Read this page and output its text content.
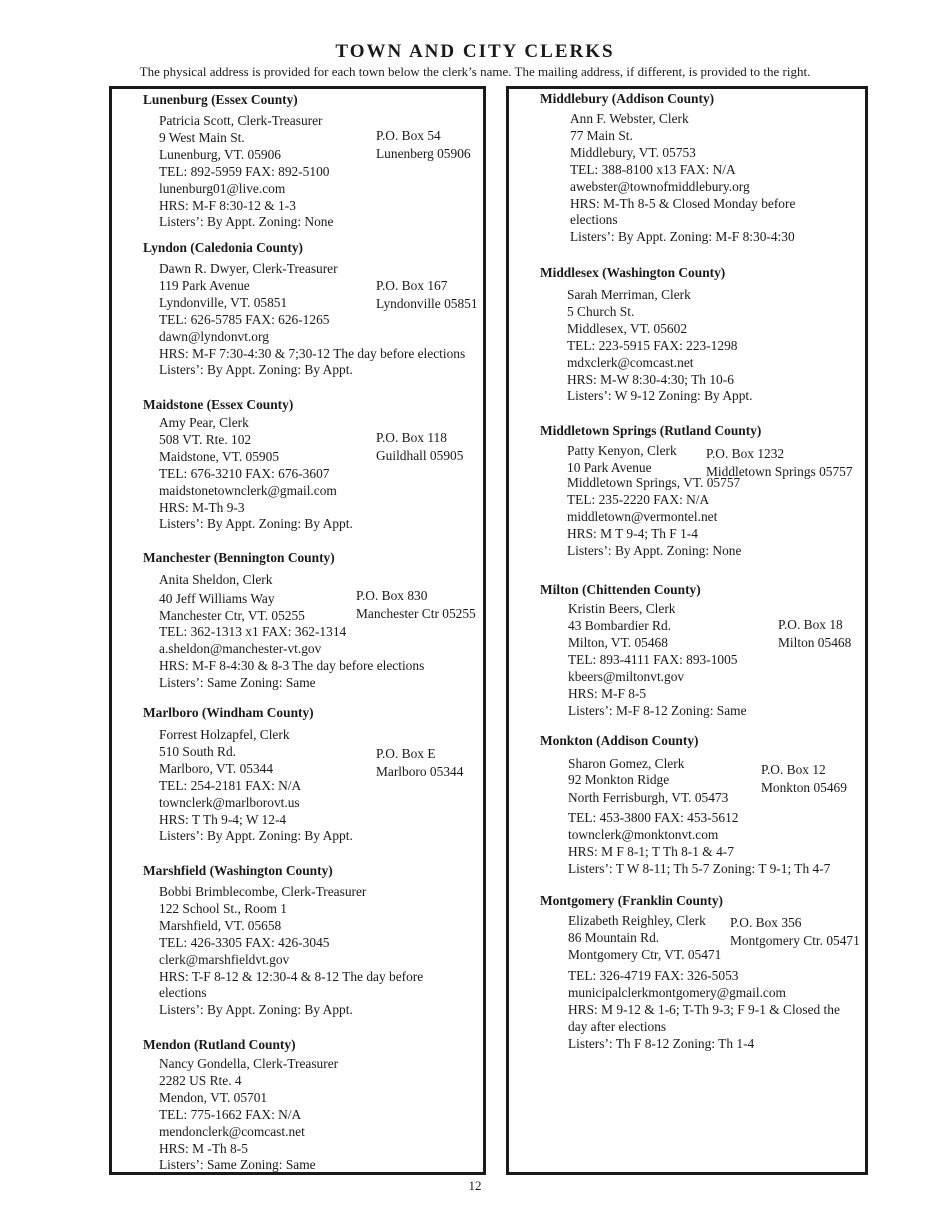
TOWN AND CITY CLERKS
The physical address is provided for each town below the clerk’s name. The mailing address, if different, is provided to the right.
Lunenburg (Essex County)
Patricia Scott, Clerk-Treasurer
9 West Main St.
Lunenburg, VT. 05906
TEL: 892-5959 FAX: 892-5100
lunenburg01@live.com
HRS: M-F 8:30-12 & 1-3
Listers’: By Appt. Zoning: None
P.O. Box 54
Lunenberg 05906
Lyndon (Caledonia County)
Dawn R. Dwyer, Clerk-Treasurer
119 Park Avenue
Lyndonville, VT. 05851
TEL: 626-5785 FAX: 626-1265
dawn@lyndonvt.org
HRS: M-F 7:30-4:30 & 7;30-12 The day before elections
Listers’: By Appt. Zoning: By Appt.
P.O. Box 167
Lyndonville 05851
Maidstone (Essex County)
Amy Pear, Clerk
508 VT. Rte. 102
Maidstone, VT. 05905
TEL: 676-3210 FAX: 676-3607
maidstonetownclerk@gmail.com
HRS: M-Th 9-3
Listers’: By Appt. Zoning: By Appt.
P.O. Box 118
Guildhall 05905
Manchester (Bennington County)
Anita Sheldon, Clerk
40 Jeff Williams Way
Manchester Ctr, VT. 05255
TEL: 362-1313 x1 FAX: 362-1314
a.sheldon@manchester-vt.gov
HRS: M-F 8-4:30 & 8-3 The day before elections
Listers’: Same Zoning: Same
P.O. Box 830
Manchester Ctr 05255
Marlboro (Windham County)
Forrest Holzapfel, Clerk
510 South Rd.
Marlboro, VT. 05344
TEL: 254-2181 FAX: N/A
townclerk@marlborovt.us
HRS: T Th 9-4; W 12-4
Listers’: By Appt. Zoning: By Appt.
P.O. Box E
Marlboro 05344
Marshfield (Washington County)
Bobbi Brimblecombe, Clerk-Treasurer
122 School St., Room 1
Marshfield, VT. 05658
TEL: 426-3305 FAX: 426-3045
clerk@marshfieldvt.gov
HRS: T-F 8-12 & 12:30-4 & 8-12 The day before
elections
Listers’: By Appt. Zoning: By Appt.
Mendon (Rutland County)
Nancy Gondella, Clerk-Treasurer
2282 US Rte. 4
Mendon, VT. 05701
TEL: 775-1662 FAX: N/A
mendonclerk@comcast.net
HRS: M -Th 8-5
Listers’: Same Zoning: Same
Middlebury (Addison County)
Ann F. Webster, Clerk
77 Main St.
Middlebury, VT. 05753
TEL: 388-8100 x13 FAX: N/A
awebster@townofmiddlebury.org
HRS: M-Th 8-5 & Closed Monday before
elections
Listers’: By Appt. Zoning: M-F 8:30-4:30
Middlesex (Washington County)
Sarah Merriman, Clerk
5 Church St.
Middlesex, VT. 05602
TEL: 223-5915 FAX: 223-1298
mdxclerk@comcast.net
HRS: M-W 8:30-4:30; Th 10-6
Listers’: W 9-12 Zoning: By Appt.
Middletown Springs (Rutland County)
Patty Kenyon, Clerk
10 Park Avenue
Middletown Springs, VT. 05757
TEL: 235-2220 FAX: N/A
middletown@vermontel.net
HRS: M T 9-4; Th F 1-4
Listers’: By Appt. Zoning: None
P.O. Box 1232
Middletown Springs 05757
Milton (Chittenden County)
Kristin Beers, Clerk
43 Bombardier Rd.
Milton, VT. 05468
TEL: 893-4111 FAX: 893-1005
kbeers@miltonvt.gov
HRS: M-F 8-5
Listers’: M-F 8-12 Zoning: Same
P.O. Box 18
Milton 05468
Monkton (Addison County)
Sharon Gomez, Clerk
92 Monkton Ridge
North Ferrisburgh, VT. 05473
TEL: 453-3800 FAX: 453-5612
townclerk@monktonvt.com
HRS: M F 8-1; T Th 8-1 & 4-7
Listers’: T W 8-11; Th 5-7 Zoning: T 9-1; Th 4-7
P.O. Box 12
Monkton 05469
Montgomery (Franklin County)
Elizabeth Reighley, Clerk
86 Mountain Rd.
Montgomery Ctr, VT. 05471
TEL: 326-4719 FAX: 326-5053
municipalclerkmontgomery@gmail.com
HRS: M 9-12 & 1-6; T-Th 9-3; F 9-1 & Closed the
day after elections
Listers’: Th F 8-12 Zoning: Th 1-4
P.O. Box 356
Montgomery Ctr. 05471
12
